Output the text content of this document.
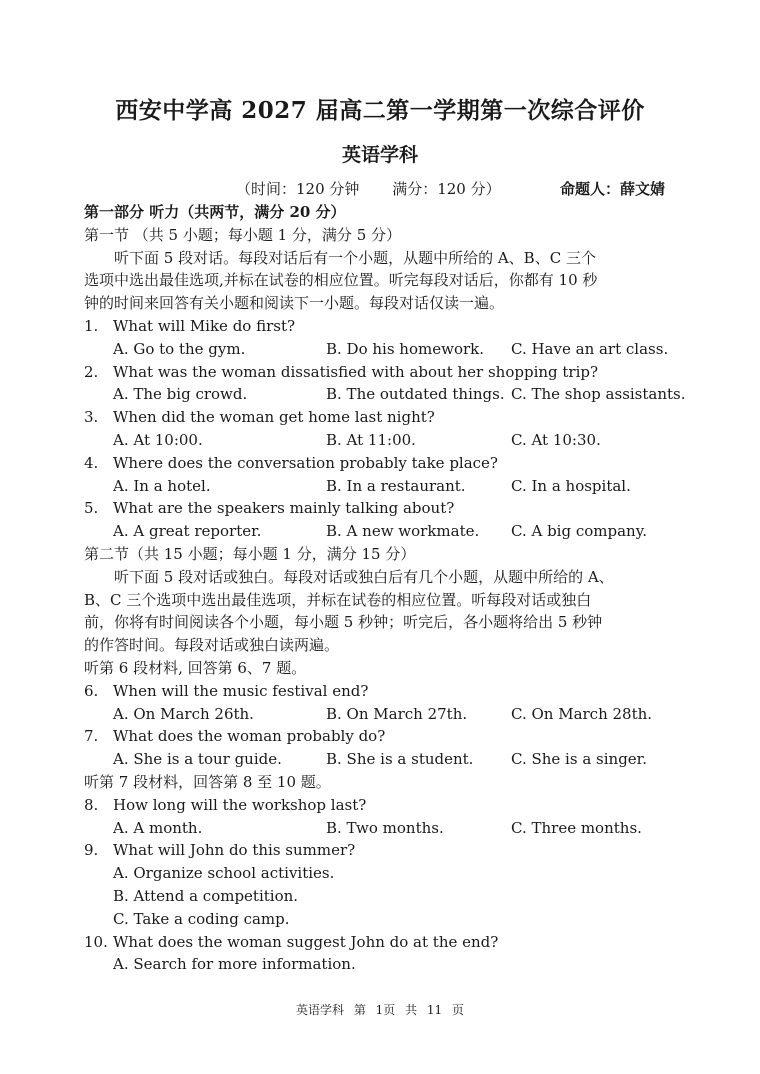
西安中学高 2027 届高二第一学期第一次综合评价
英语学科
（时间：120 分钟 满分：120 分）	命题人：薛文婧
第一部分 听力（共两节，满分 20 分）
第一节 （共 5 小题；每小题 1 分，满分 5 分）
听下面 5 段对话。每段对话后有一个小题，从题中所给的 A、B、C 三个
选项中选出最佳选项,并标在试卷的相应位置。听完每段对话后，你都有 10 秒
钟的时间来回答有关小题和阅读下一小题。每段对话仅读一遍。
1. What will Mike do first?
A. Go to the gym.	B. Do his homework. C. Have an art class.
2. What was the woman dissatisfied with about her shopping trip?
A. The big crowd.	B. The outdated things. C. The shop assistants.
3. When did the woman get home last night?
A. At 10:00.	B. At 11:00.	C. At 10:30.
4. Where does the conversation probably take place?
A. In a hotel.	B. In a restaurant.	C. In a hospital.
5. What are the speakers mainly talking about?
A. A great reporter.	B. A new workmate. C. A big company.
第二节（共 15 小题；每小题 1 分，满分 15 分）
听下面 5 段对话或独白。每段对话或独白后有几个小题，从题中所给的 A、
B、C 三个选项中选出最佳选项，并标在试卷的相应位置。听每段对话或独白
前，你将有时间阅读各个小题，每小题 5 秒钟；听完后，各小题将给出 5 秒钟
的作答时间。每段对话或独白读两遍。
听第 6 段材料, 回答第 6、7 题。
6. When will the music festival end?
A. On March 26th.	B. On March 27th.	C. On March 28th.
7. What does the woman probably do?
A. She is a tour guide.	B. She is a student.	C. She is a singer.
听第 7 段材料，回答第 8 至 10 题。
8. How long will the workshop last?
A. A month.	B. Two months.	C. Three months.
9. What will John do this summer?
A. Organize school activities.
B. Attend a competition.
C. Take a coding camp.
10. What does the woman suggest John do at the end?
A. Search for more information.
英语学科 第 1页 共 11 页
